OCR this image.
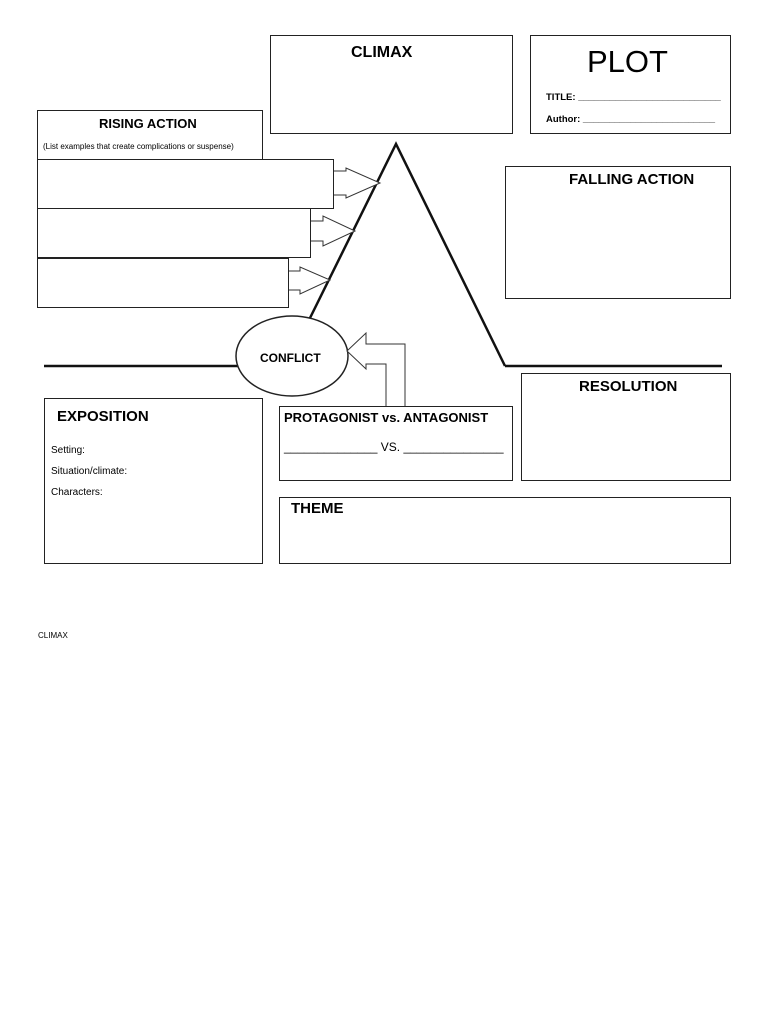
CLIMAX	PLOT
TITLE: ___________________________
Author: _________________________
RISING ACTION
(List examples that create complications or suspense)
FALLING ACTION
CONFLICT
RESOLUTION
EXPOSITION
Setting:
Situation/climate:
Characters:
PROTAGONIST vs. ANTAGONIST
______________ VS. _______________
THEME
CLIMAX
